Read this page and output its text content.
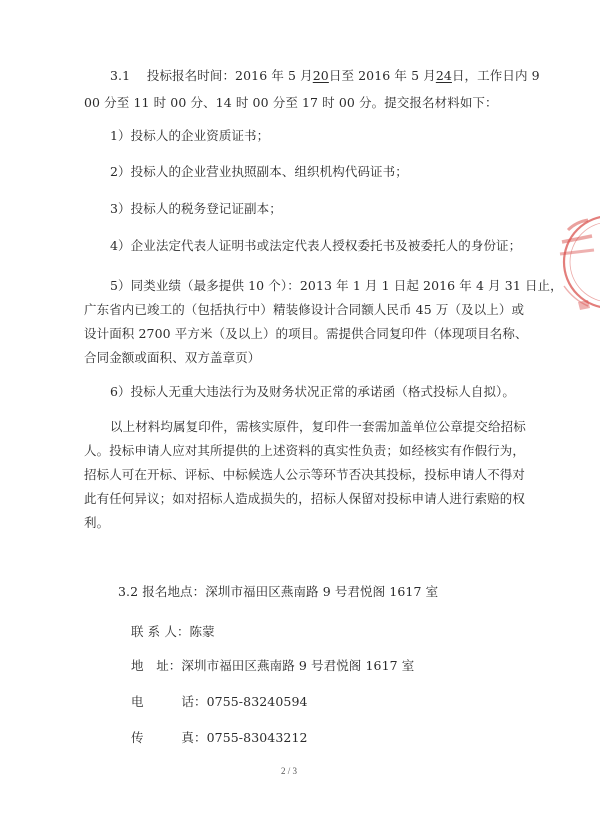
3.1　 投标报名时间：2016 年 5 月20日至 2016 年 5 月24日，工作日内 9
00 分至 11 时 00 分、14 时 00 分至 17 时 00 分。提交报名材料如下：
1）投标人的企业资质证书；
2）投标人的企业营业执照副本、组织机构代码证书；
3）投标人的税务登记证副本；
4）企业法定代表人证明书或法定代表人授权委托书及被委托人的身份证；
5）同类业绩（最多提供 10 个）：2013 年 1 月 1 日起 2016 年 4 月 31 日止，
广东省内已竣工的（包括执行中）精装修设计合同额人民币 45 万（及以上）或
设计面积 2700 平方米（及以上）的项目。需提供合同复印件（体现项目名称、
合同金额或面积、双方盖章页）
6）投标人无重大违法行为及财务状况正常的承诺函（格式投标人自拟）。
以上材料均属复印件，需核实原件，复印件一套需加盖单位公章提交给招标
人。投标申请人应对其所提供的上述资料的真实性负责；如经核实有作假行为，
招标人可在开标、评标、中标候选人公示等环节否决其投标，投标申请人不得对
此有任何异议；如对招标人造成损失的，招标人保留对投标申请人进行索赔的权
利。
3.2 报名地点：深圳市福田区燕南路 9 号君悦阁 1617 室
联 系 人：陈蒙
地　址：深圳市福田区燕南路 9 号君悦阁 1617 室
电　　　话：0755-83240594
传　　　真：0755-83043212
2 / 3
